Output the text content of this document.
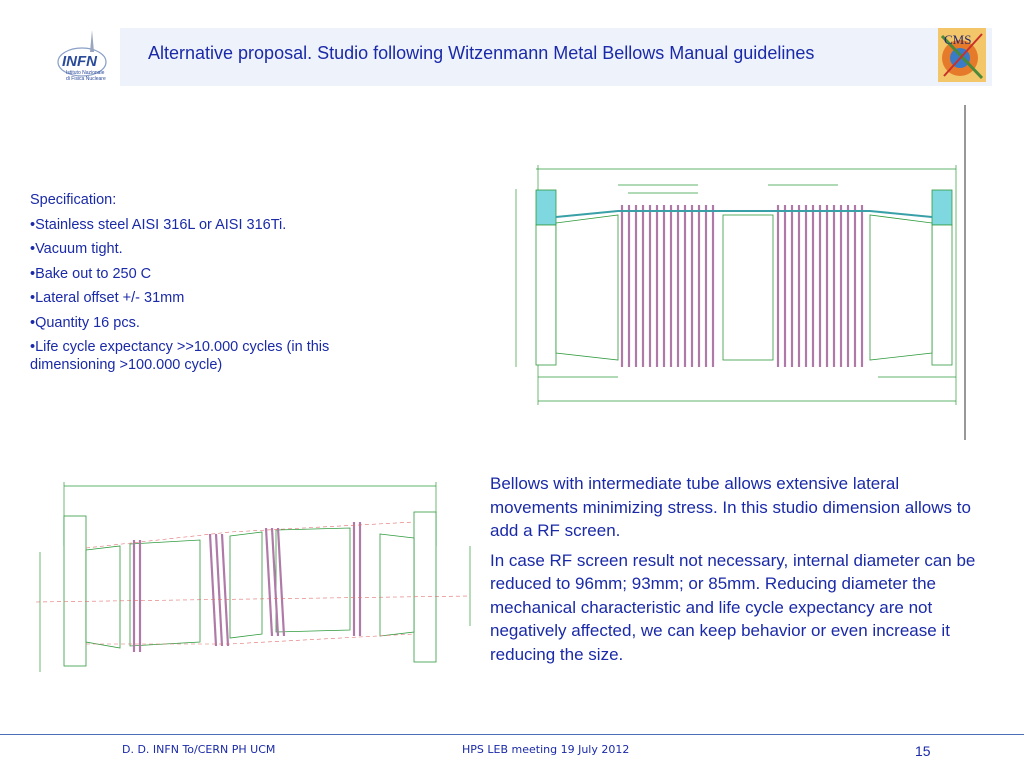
INFN
Istituto Nazionale
di Fisica Nucleare
Alternative proposal. Studio following Witzenmann Metal Bellows Manual guidelines
CMS
Specification:
•Stainless steel AISI 316L or AISI 316Ti.
•Vacuum tight.
•Bake out to 250 C
•Lateral offset +/- 31mm
•Quantity 16 pcs.
•Life cycle expectancy >>10.000 cycles (in this dimensioning >100.000 cycle)

Bellows with intermediate tube allows extensive lateral movements minimizing stress. In this studio dimension allows to add a RF screen.

In case RF screen result not necessary, internal diameter can be reduced to 96mm; 93mm; or 85mm. Reducing diameter the mechanical characteristic and life cycle expectancy are not negatively affected, we can keep behavior or even increase it reducing the size.

D. D. INFN To/CERN PH UCM	HPS LEB meeting 19 July 2012	15
